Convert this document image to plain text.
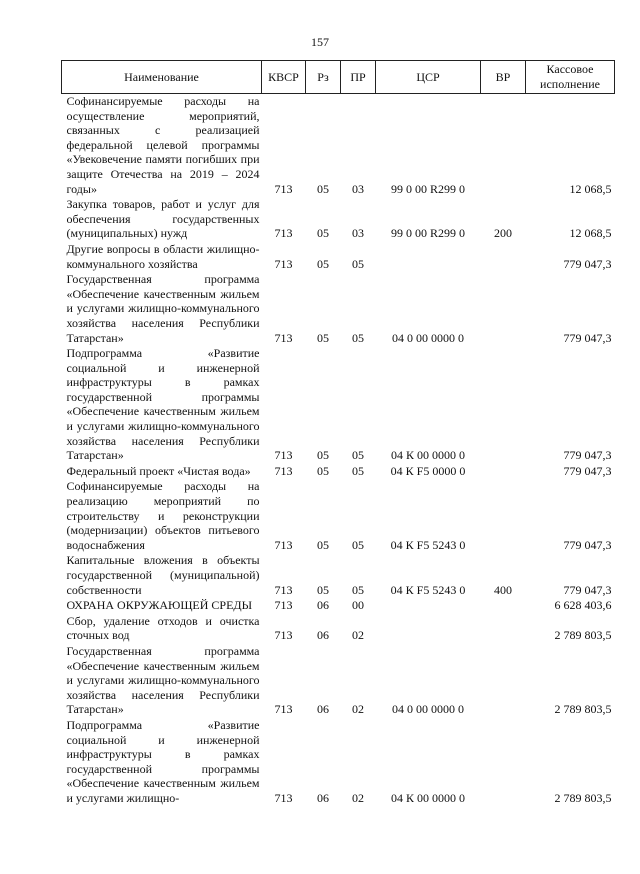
157
Наименование	КВСР	Рз	ПР	ЦСР	ВР	Кассовое исполнение
Софинансируемые расходы на осуществление мероприятий, связанных с реализацией федеральной целевой программы «Увековечение памяти погибших при защите Отечества на 2019 – 2024 годы»	713	05	03	99 0 00 R299 0		12 068,5
Закупка товаров, работ и услуг для обеспечения государственных (муниципальных) нужд	713	05	03	99 0 00 R299 0	200	12 068,5
Другие вопросы в области жилищно-коммунального хозяйства	713	05	05			779 047,3
Государственная программа «Обеспечение качественным жильем и услугами жилищно-коммунального хозяйства населения Республики Татарстан»	713	05	05	04 0 00 0000 0		779 047,3
Подпрограмма «Развитие социальной и инженерной инфраструктуры в рамках государственной программы «Обеспечение качественным жильем и услугами жилищно-коммунального хозяйства населения Республики Татарстан»	713	05	05	04 К 00 0000 0		779 047,3
Федеральный проект «Чистая вода»	713	05	05	04 К F5 0000 0		779 047,3
Софинансируемые расходы на реализацию мероприятий по строительству и реконструкции (модернизации) объектов питьевого водоснабжения	713	05	05	04 К F5 5243 0		779 047,3
Капитальные вложения в объекты государственной (муниципальной) собственности	713	05	05	04 К F5 5243 0	400	779 047,3
ОХРАНА ОКРУЖАЮЩЕЙ СРЕДЫ	713	06	00			6 628 403,6
Сбор, удаление отходов и очистка сточных вод	713	06	02			2 789 803,5
Государственная программа «Обеспечение качественным жильем и услугами жилищно-коммунального хозяйства населения Республики Татарстан»	713	06	02	04 0 00 0000 0		2 789 803,5
Подпрограмма «Развитие социальной и инженерной инфраструктуры в рамках государственной программы «Обеспечение качественным жильем и услугами жилищно-	713	06	02	04 К 00 0000 0		2 789 803,5
